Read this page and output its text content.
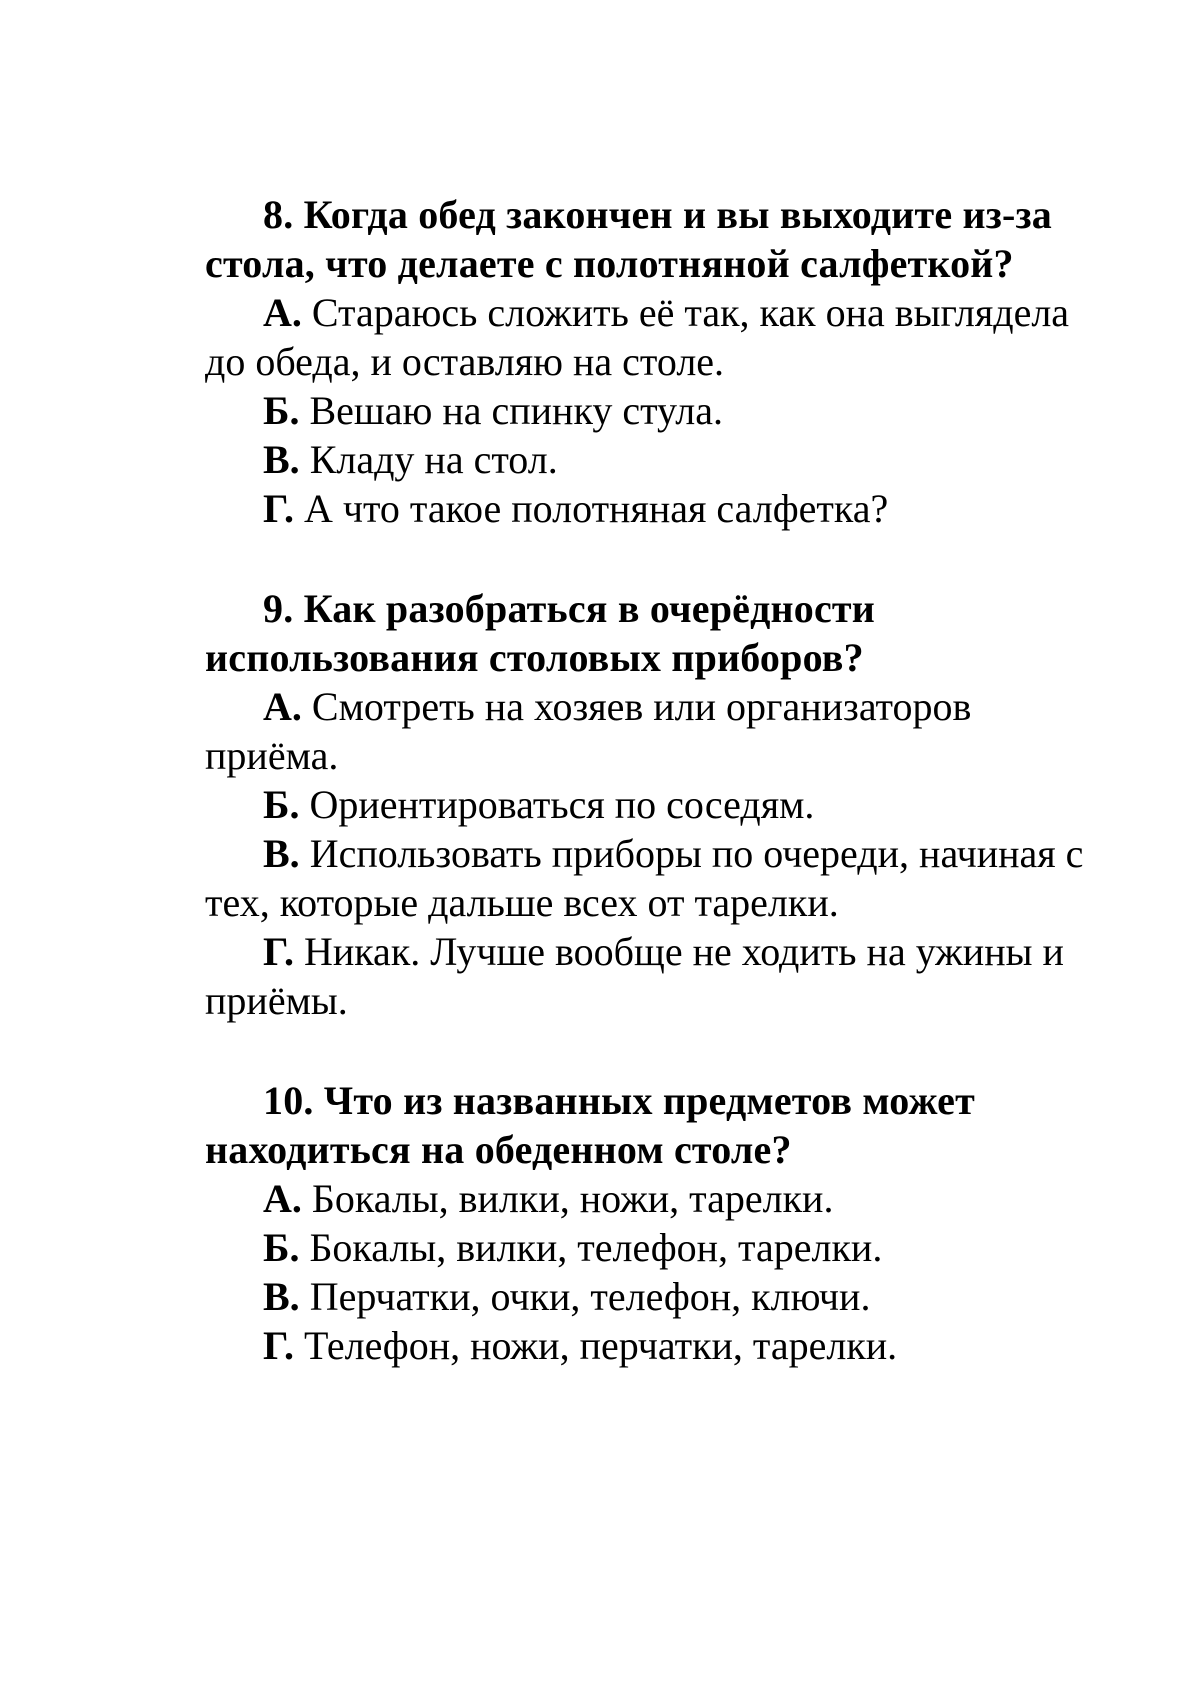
8. Когда обед закончен и вы выходите из-за стола, что делаете с полотняной салфеткой?

А. Стараюсь сложить её так, как она выглядела до обеда, и оставляю на столе.

Б. Вешаю на спинку стула.

В. Кладу на стол.

Г. А что такое полотняная салфетка?

9. Как разобраться в очерёдности использования столовых приборов?

А. Смотреть на хозяев или организаторов приёма.

Б. Ориентироваться по соседям.

В. Использовать приборы по очереди, начиная с тех, которые дальше всех от тарелки.

Г. Никак. Лучше вообще не ходить на ужины и приёмы.

10. Что из названных предметов может находиться на обеденном столе?

А. Бокалы, вилки, ножи, тарелки.

Б. Бокалы, вилки, телефон, тарелки.

В. Перчатки, очки, телефон, ключи.

Г. Телефон, ножи, перчатки, тарелки.
